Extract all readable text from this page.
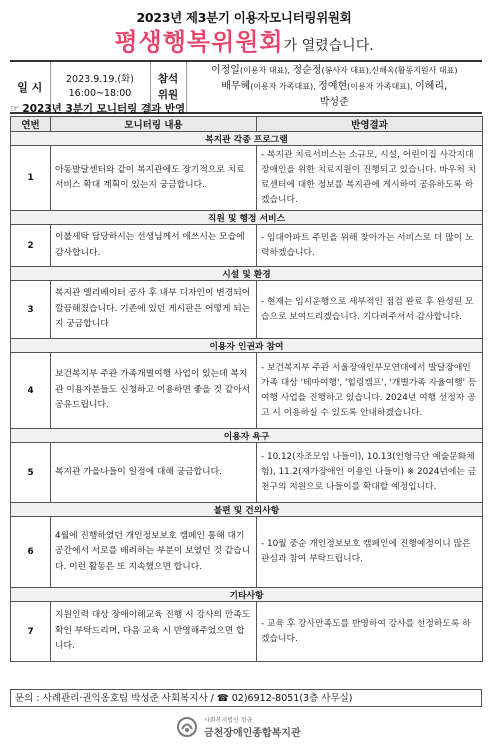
2023년 제3분기 이용자모니터링위원회
평생행복위원회가 열렸습니다.
일 시	
2023.9.19.(화)
16:00~18:00

참석
위원

이정일(이용자 대표), 정순정(봉사자 대표),신해옥(활동지원사 대표)
배무혜(이용자 가족대표), 정예현(이용자 가족대표), 이혜리,
박성준
☞ 2023년 3분기 모니터링 결과 반영
연번	모니터링 내용	반영결과
복지관 각종 프로그램		
1	아동발달센터와 같이 복지관에도 장기적으로 치료서비스 확대 계획이 있는지 궁금합니다.	- 복지관 치료서비스는 소규모, 시설, 어린이집 사각지대 장애인을 위한 치료지원이 진행되고 있습니다. 바우처 치료센터에 대한 정보를 복지관에 게시하여 공유하도록 하겠습니다.
직원 및 행정 서비스		
2	이불세탁 담당하시는 선생님께서 애쓰시는 모습에 감사합니다.	- 임대아파트 주민을 위해 찾아가는 서비스로 더 많이 노력하겠습니다.
시설 및 환경		
3	복지관 엘리베이터 공사 후 내부 디자인이 변경되어 깔끔해졌습니다. 기존에 있던 게시판은 어떻게 되는지 궁금합니다	- 현재는 임시운행으로 세부적인 점검 완료 후 완성된 모습으로 보여드리겠습니다. 기다려주셔서 감사합니다.
이용자 인권과 참여		
4	보건복지부 주관 가족개별여행 사업이 있는데 복지관 이용자분들도 신청하고 이용하면 좋을 것 같아서 공유드립니다.	- 보건복지부 주관 서울장애인부모연대에서 발달장애인가족 대상 '테마여행', '힐링캠프', '개별가족 자율여행' 등 여행 사업을 진행하고 있습니다. 2024년 여행 선정자 공고 시 이용하실 수 있도록 안내하겠습니다.
이용자 욕구		
5	복지관 가을나들이 일정에 대해 궁금합니다.	- 10.12(자조모임 나들이), 10.13(인형극단 예술문화체험), 11.2(재가장애인 이용인 나들이) ※ 2024년에는 금천구의 지원으로 나들이를 확대할 예정입니다.
불편 및 건의사항		
6	4월에 진행하였던 개인정보보호 캠페인 통해 대기 공간에서 서로를 배려하는 부분이 보였던 것 같습니다. 이런 활동은 또 지속했으면 합니다.	- 10월 중순 개인정보보호 캠페인에 진행예정이니 많은 관심과 참여 부탁드립니다.
기타사항		
7	지원인력 대상 장애이해교육 진행 시 강사의 만족도 확인 부탁드리며, 다음 교육 시 반영해주었으면 합니다.	- 교육 후 강사만족도를 반영하여 강사를 선정하도록 하겠습니다.
문의 : 사례관리·권익옹호팀 박성준 사회복지사 / ☎ 02)6912-8051(3층 사무실)
사회복지법인 정금
금천장애인종합복지관
